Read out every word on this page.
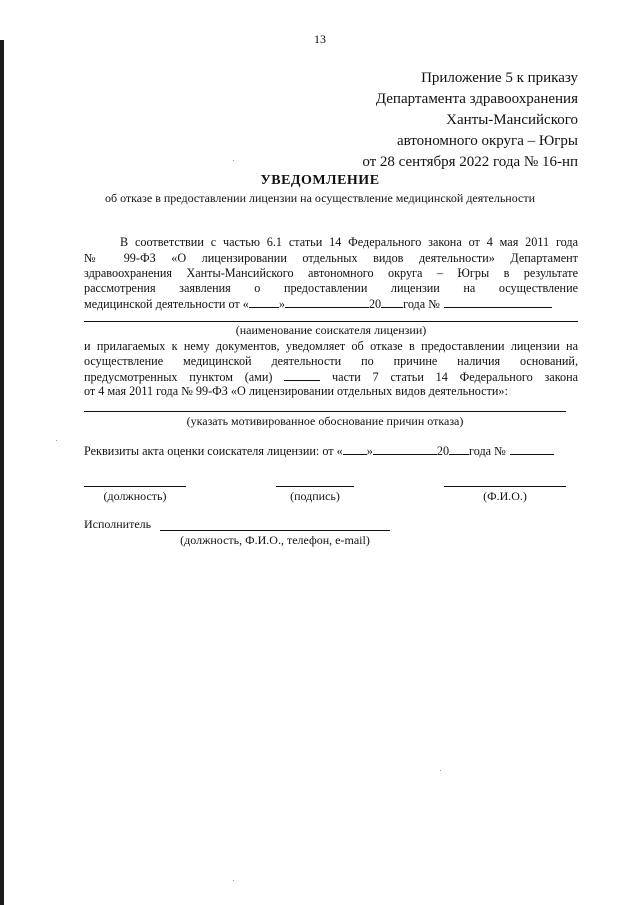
13
Приложение 5 к приказу
Департамента здравоохранения
Ханты-Мансийского
автономного округа – Югры
от 28 сентября 2022 года № 16-нп
УВЕДОМЛЕНИЕ
об отказе в предоставлении лицензии на осуществление медицинской деятельности
В соответствии с частью 6.1 статьи 14 Федерального закона от 4 мая 2011 года
№ 99-ФЗ «О лицензировании отдельных видов деятельности» Департамент
здравоохранения Ханты-Мансийского автономного округа – Югры в результате
рассмотрения заявления о предоставлении лицензии на осуществление
медицинской деятельности от « »	20 года №
(наименование соискателя лицензии)
и прилагаемых к нему документов, уведомляет об отказе в предоставлении лицензии на
осуществление медицинской деятельности по причине наличия оснований,
предусмотренных пунктом (ами)	части 7 статьи 14 Федерального закона
от 4 мая 2011 года № 99-ФЗ «О лицензировании отдельных видов деятельности»:
(указать мотивированное обоснование причин отказа)
Реквизиты акта оценки соискателя лицензии: от « »	20 года №
(должность)	(подпись)	(Ф.И.О.)
Исполнитель
(должность, Ф.И.О., телефон, e-mail)
